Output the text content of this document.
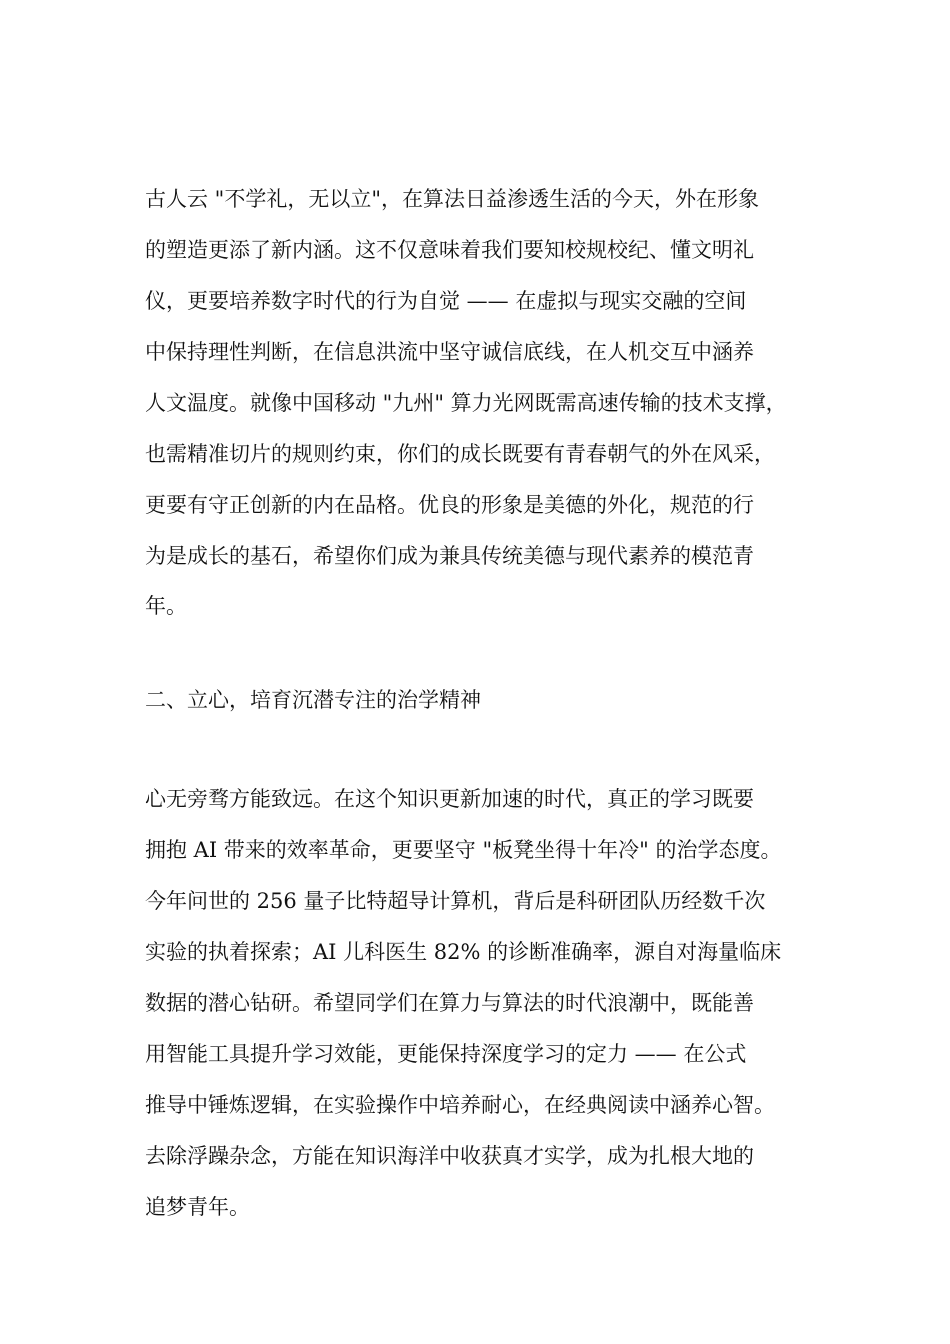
古人云 "不学礼，无以立"，在算法日益渗透生活的今天，外在形象
的塑造更添了新内涵。这不仅意味着我们要知校规校纪、懂文明礼
仪，更要培养数字时代的行为自觉 —— 在虚拟与现实交融的空间
中保持理性判断，在信息洪流中坚守诚信底线，在人机交互中涵养
人文温度。就像中国移动 "九州" 算力光网既需高速传输的技术支撑，
也需精准切片的规则约束，你们的成长既要有青春朝气的外在风采，
更要有守正创新的内在品格。优良的形象是美德的外化，规范的行
为是成长的基石，希望你们成为兼具传统美德与现代素养的模范青
年。
二、立心，培育沉潜专注的治学精神
心无旁骛方能致远。在这个知识更新加速的时代，真正的学习既要
拥抱 AI 带来的效率革命，更要坚守 "板凳坐得十年冷" 的治学态度。
今年问世的 256 量子比特超导计算机，背后是科研团队历经数千次
实验的执着探索；AI 儿科医生 82% 的诊断准确率，源自对海量临床
数据的潜心钻研。希望同学们在算力与算法的时代浪潮中，既能善
用智能工具提升学习效能，更能保持深度学习的定力 —— 在公式
推导中锤炼逻辑，在实验操作中培养耐心，在经典阅读中涵养心智。
去除浮躁杂念，方能在知识海洋中收获真才实学，成为扎根大地的
追梦青年。
